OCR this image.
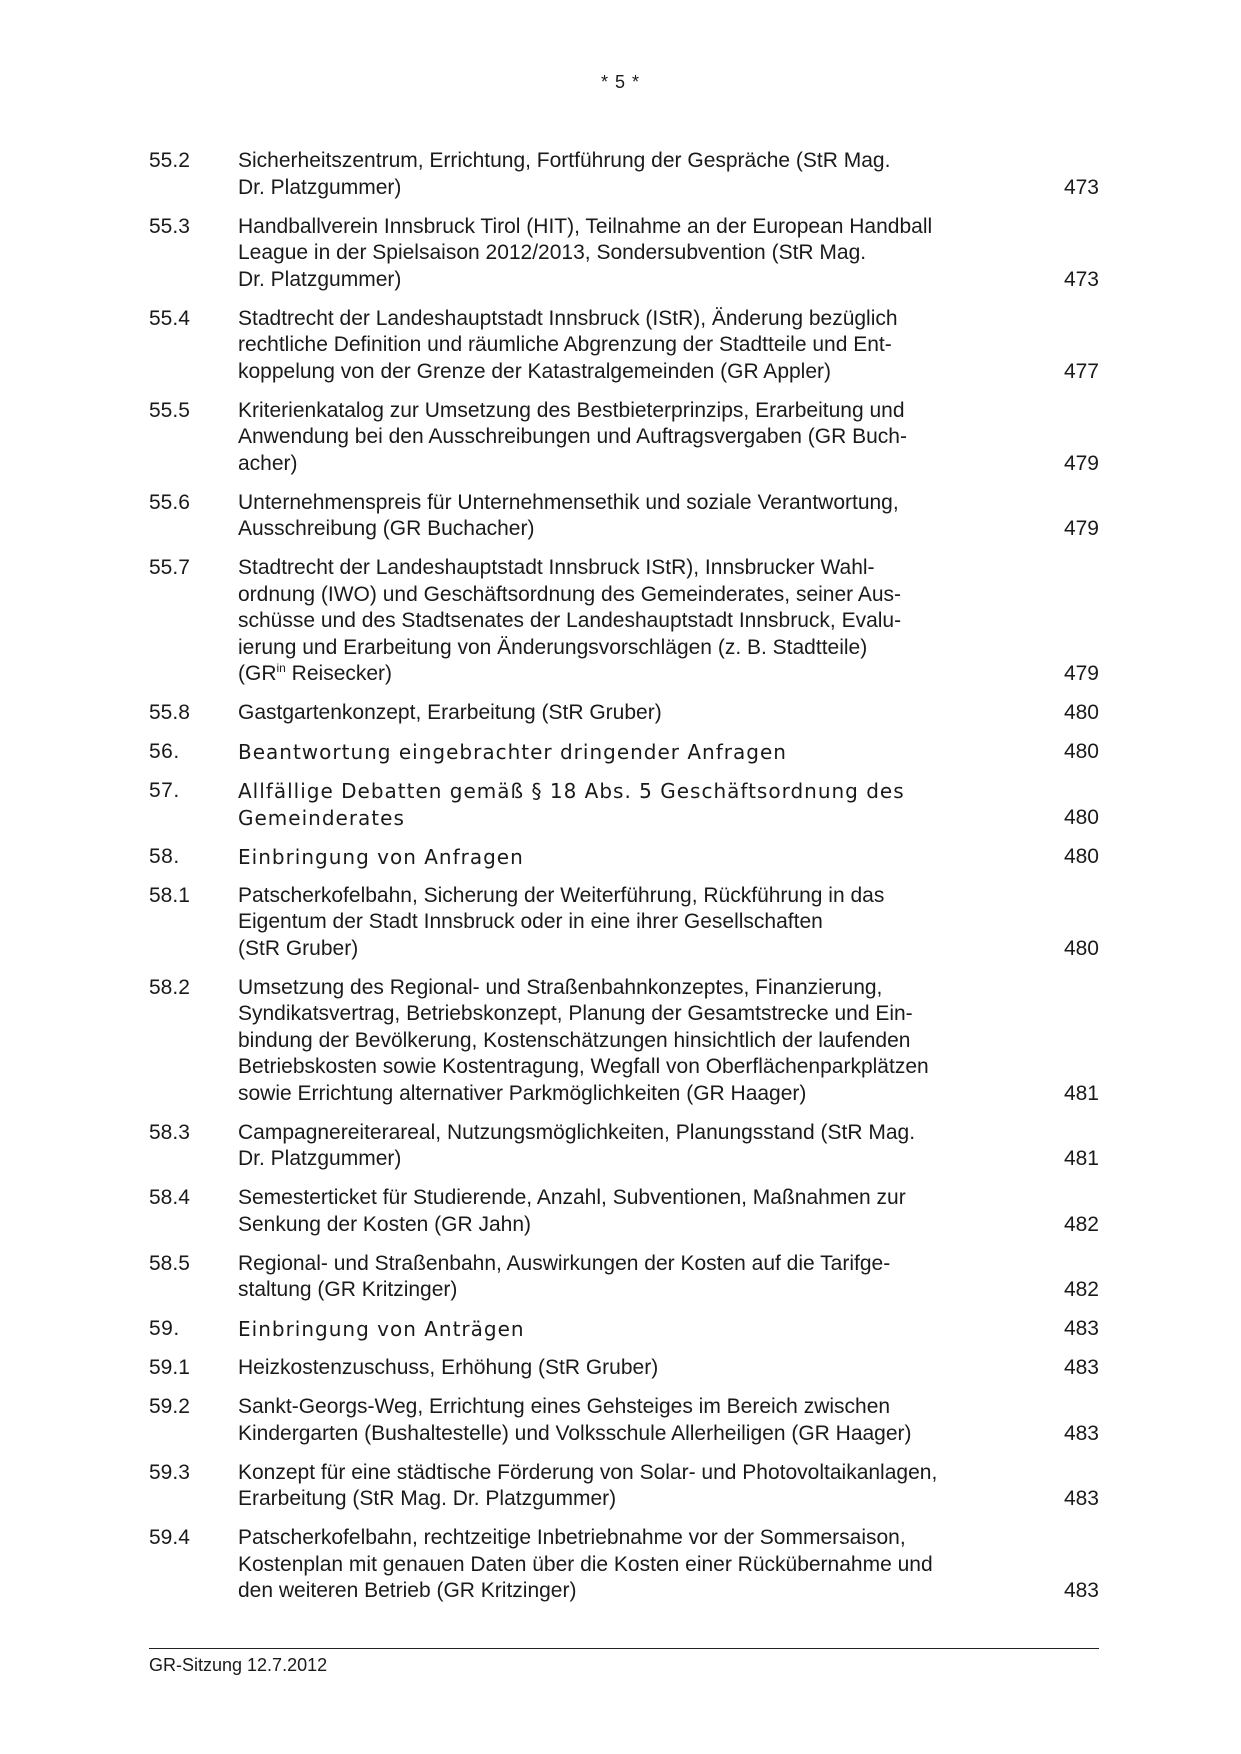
* 5 *
55.2	Sicherheitszentrum, Errichtung, Fortführung der Gespräche (StR Mag.
Dr. Platzgummer)	473
55.3	Handballverein Innsbruck Tirol (HIT), Teilnahme an der European Handball
League in der Spielsaison 2012/2013, Sondersubvention (StR Mag.
Dr. Platzgummer)	473
55.4	Stadtrecht der Landeshauptstadt Innsbruck (IStR), Änderung bezüglich
rechtliche Definition und räumliche Abgrenzung der Stadtteile und Ent-
koppelung von der Grenze der Katastralgemeinden (GR Appler)	477
55.5	Kriterienkatalog zur Umsetzung des Bestbieterprinzips, Erarbeitung und
Anwendung bei den Ausschreibungen und Auftragsvergaben (GR Buch-
acher)	479
55.6	Unternehmenspreis für Unternehmensethik und soziale Verantwortung,
Ausschreibung (GR Buchacher)	479
55.7	Stadtrecht der Landeshauptstadt Innsbruck IStR), Innsbrucker Wahl-
ordnung (IWO) und Geschäftsordnung des Gemeinderates, seiner Aus-
schüsse und des Stadtsenates der Landeshauptstadt Innsbruck, Evalu-
ierung und Erarbeitung von Änderungsvorschlägen (z. B. Stadtteile)
($GR^{in}$ Reisecker)	479
55.8	Gastgartenkonzept, Erarbeitung (StR Gruber)	480
56.	Beantwortung eingebrachter dringender Anfragen	480
57.	Allfällige Debatten gemäß § 18 Abs. 5 Geschäftsordnung des
Gemeinderates	480
58.	Einbringung von Anfragen	480
58.1	Patscherkofelbahn, Sicherung der Weiterführung, Rückführung in das
Eigentum der Stadt Innsbruck oder in eine ihrer Gesellschaften
(StR Gruber)	480
58.2	Umsetzung des Regional- und Straßenbahnkonzeptes, Finanzierung,
Syndikatsvertrag, Betriebskonzept, Planung der Gesamtstrecke und Ein-
bindung der Bevölkerung, Kostenschätzungen hinsichtlich der laufenden
Betriebskosten sowie Kostentragung, Wegfall von Oberflächenparkplätzen
sowie Errichtung alternativer Parkmöglichkeiten (GR Haager)	481
58.3	Campagnereiterareal, Nutzungsmöglichkeiten, Planungsstand (StR Mag.
Dr. Platzgummer)	481
58.4	Semesterticket für Studierende, Anzahl, Subventionen, Maßnahmen zur
Senkung der Kosten (GR Jahn)	482
58.5	Regional- und Straßenbahn, Auswirkungen der Kosten auf die Tarifge-
staltung (GR Kritzinger)	482
59.	Einbringung von Anträgen	483
59.1	Heizkostenzuschuss, Erhöhung (StR Gruber)	483
59.2	Sankt-Georgs-Weg, Errichtung eines Gehsteiges im Bereich zwischen
Kindergarten (Bushaltestelle) und Volksschule Allerheiligen (GR Haager)	483
59.3	Konzept für eine städtische Förderung von Solar- und Photovoltaikanlagen,
Erarbeitung (StR Mag. Dr. Platzgummer)	483
59.4	Patscherkofelbahn, rechtzeitige Inbetriebnahme vor der Sommersaison,
Kostenplan mit genauen Daten über die Kosten einer Rückübernahme und
den weiteren Betrieb (GR Kritzinger)	483
GR-Sitzung 12.7.2012
